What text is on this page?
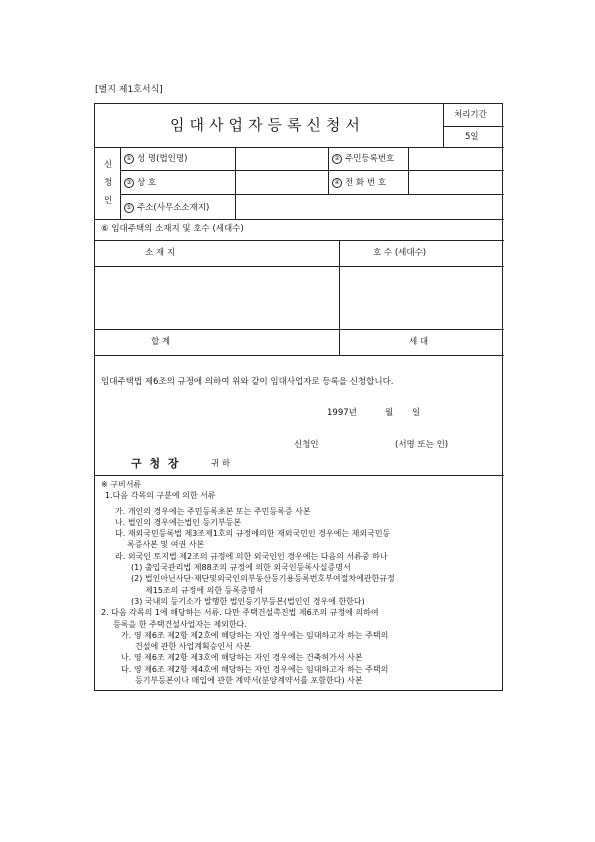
[별지 제1호서식]
임대사업자등록신청서
처리기간
5일
신
청
인
① 성 명(법인명)	② 주민등록번호
③ 상 호	④ 전 화 번 호
⑤ 주소(사무소소재지)
⑥ 임대주택의 소재지 및 호수 (세대수)
소 재 지	호 수 (세대수)
합 계	세 대
임대주택법 제6조의 규정에 의하여 위와 같이 임대사업자로 등록을 신청합니다.
1997년	월 일
신청인	(서명 또는 인)
구 청 장	귀 하
※ 구비서류
1.다음 각목의 구분에 의한 서류
가. 개인의 경우에는 주민등록초본 또는 주민등록증 사본
나. 법인의 경우에는법인 등기부등본
다. 재외국민등록법 제3조제1호의 규정에의한 재외국민인 경우에는 재외국민등
록증사본 및 여권 사본
라. 외국인 토지법 제2조의 규정에 의한 외국인인 경우에는 다음의 서류중 하나
(1) 출입국관리법 제88조의 규정에 의한 외국인등록사실증명서
(2) 법인아닌사단·재단및외국인의부동산등기용등록번호부여절차에관한규정
제15조의 규정에 의한 등록증명서
(3) 국내의 등기소가 발행한 법인등기부등본(법인인 경우에 한한다)
2. 다음 각목의 1에 해당하는 서류. 다만 주택건설촉진법 제6조의 규정에 의하여
등록을 한 주택건설사업자는 제외한다.
가. 영 제6조 제2항 제2호에 해당하는 자인 경우에는 임대하고자 하는 주택의
건설에 관한 사업계획승인서 사본
나. 영 제6조 제2항 제3호에 해당하는 자인 경우에는 건축허가서 사본
다. 영 제6조 제2항 제4호에 해당하는 자인 경우에는 임대하고자 하는 주택의
등기부등본이나 매입에 관한 계약서(분양계약서를 포함한다) 사본
